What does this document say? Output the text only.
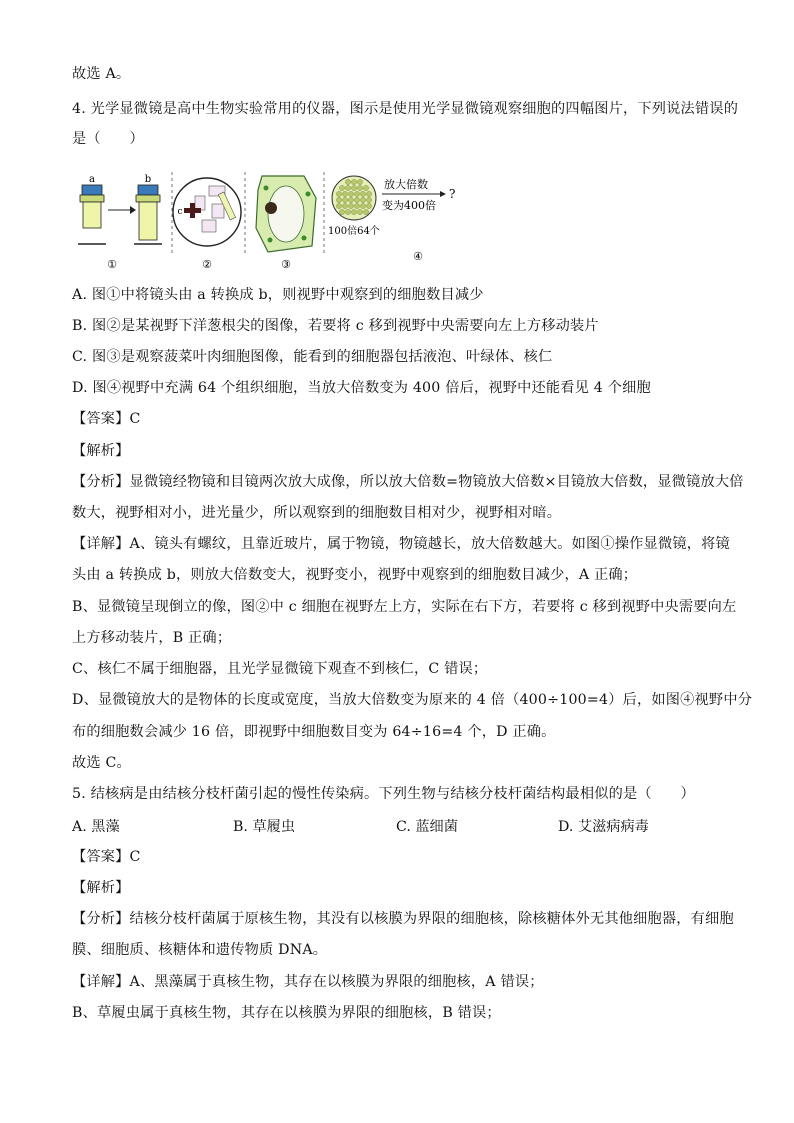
故选 A。
4. 光学显微镜是高中生物实验常用的仪器，图示是使用光学显微镜观察细胞的四幅图片，下列说法错误的
是（　　）
a	b
①
c
②	③
放大倍数
?
变为400倍
100倍64个
④
A. 图①中将镜头由 a 转换成 b，则视野中观察到的细胞数目减少
B. 图②是某视野下洋葱根尖的图像，若要将 c 移到视野中央需要向左上方移动装片
C. 图③是观察菠菜叶肉细胞图像，能看到的细胞器包括液泡、叶绿体、核仁
D. 图④视野中充满 64 个组织细胞，当放大倍数变为 400 倍后，视野中还能看见 4 个细胞
【答案】C
【解析】
【分析】显微镜经物镜和目镜两次放大成像，所以放大倍数=物镜放大倍数×目镜放大倍数，显微镜放大倍
数大，视野相对小，进光量少，所以观察到的细胞数目相对少，视野相对暗。
【详解】A、镜头有螺纹，且靠近玻片，属于物镜，物镜越长，放大倍数越大。如图①操作显微镜，将镜
头由 a 转换成 b，则放大倍数变大，视野变小，视野中观察到的细胞数目减少，A 正确；
B、显微镜呈现倒立的像，图②中 c 细胞在视野左上方，实际在右下方，若要将 c 移到视野中央需要向左
上方移动装片，B 正确；
C、核仁不属于细胞器，且光学显微镜下观查不到核仁，C 错误；
D、显微镜放大的是物体的长度或宽度，当放大倍数变为原来的 4 倍（400÷100=4）后，如图④视野中分
布的细胞数会减少 16 倍，即视野中细胞数目变为 64÷16=4 个，D 正确。
故选 C。
5. 结核病是由结核分枝杆菌引起的慢性传染病。下列生物与结核分枝杆菌结构最相似的是（　　）
A. 黑藻	B. 草履虫	C. 蓝细菌	D. 艾滋病病毒
【答案】C
【解析】
【分析】结核分枝杆菌属于原核生物，其没有以核膜为界限的细胞核，除核糖体外无其他细胞器，有细胞
膜、细胞质、核糖体和遗传物质 DNA。
【详解】A、黑藻属于真核生物，其存在以核膜为界限的细胞核，A 错误；
B、草履虫属于真核生物，其存在以核膜为界限的细胞核，B 错误；
